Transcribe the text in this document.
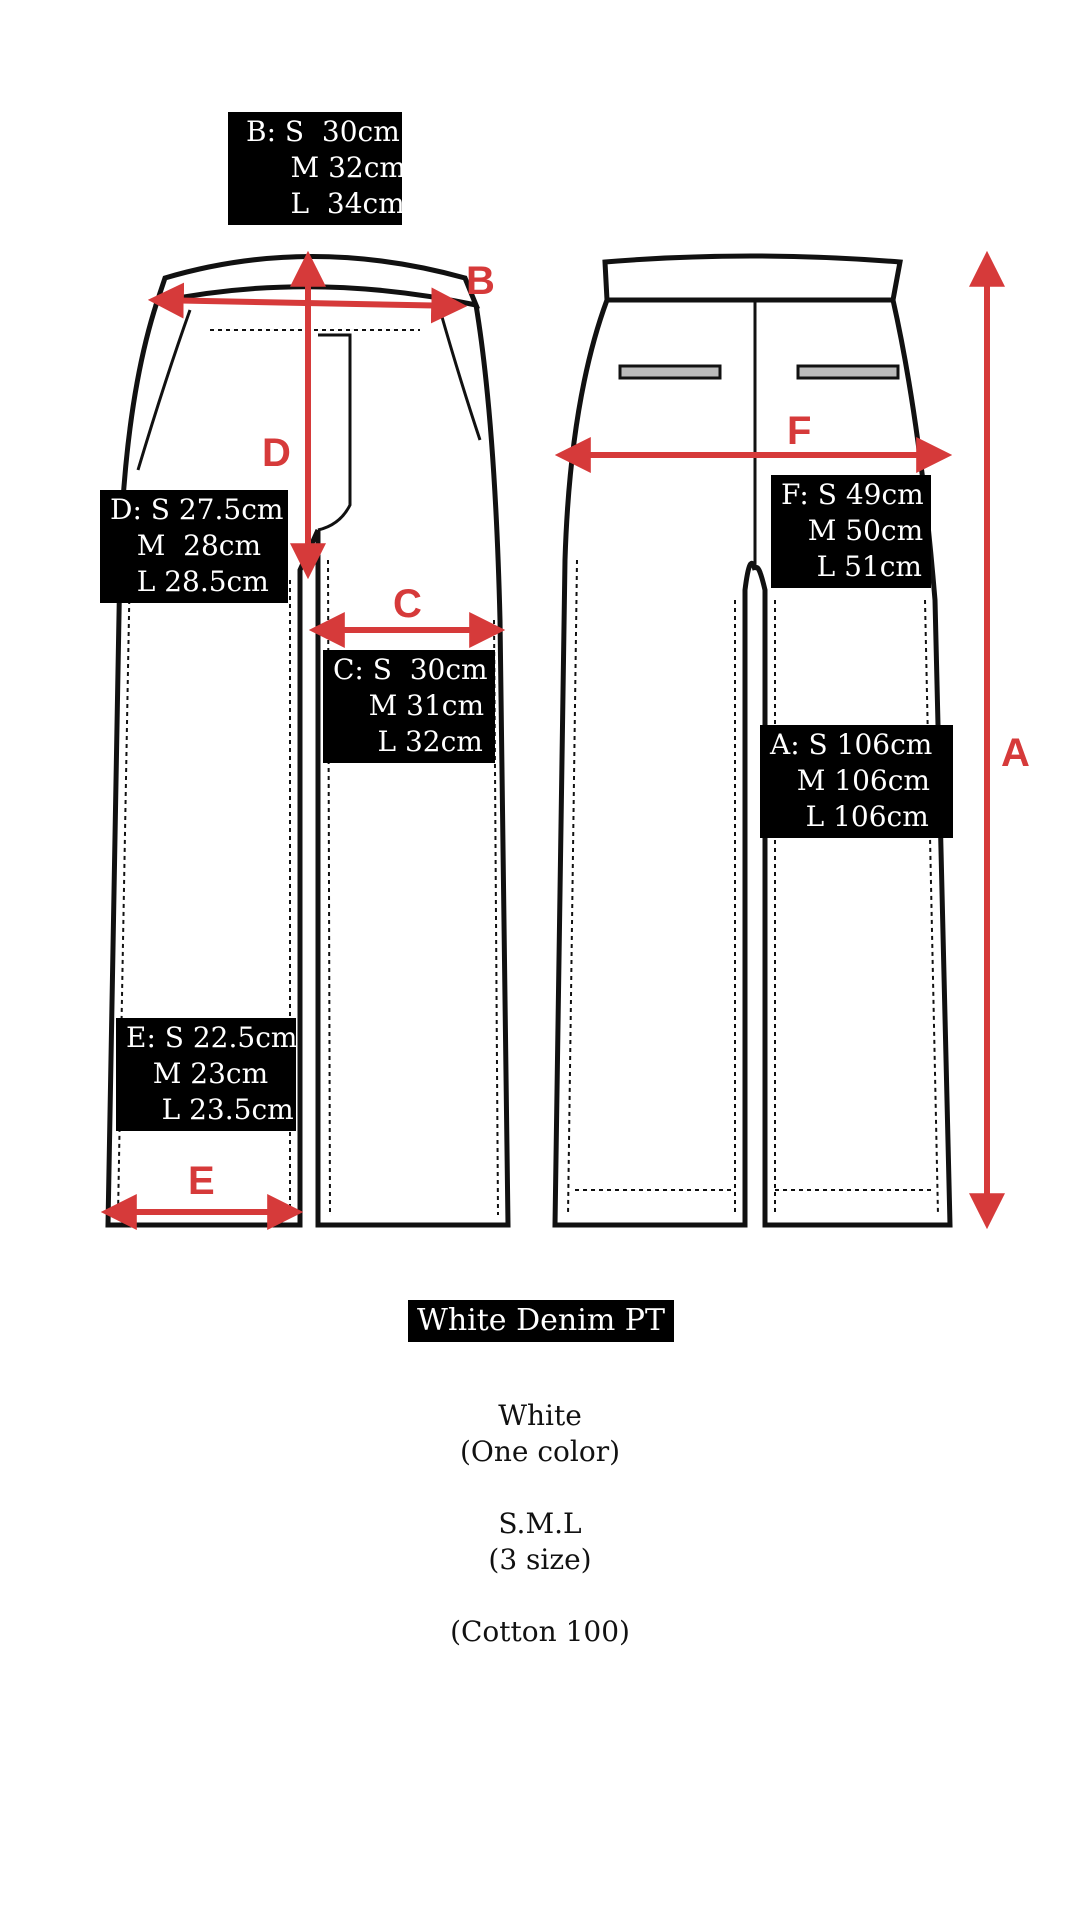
B
D
C
E
F
A
B: S  30cm
M 32cm
L  34cm
D: S 27.5cm
M  28cm
L 28.5cm
C: S  30cm
M 31cm
L 32cm
E: S 22.5cm
M 23cm
L 23.5cm
F: S 49cm
M 50cm
L 51cm
A: S 106cm
M 106cm
L 106cm
White Denim PT
White
(One color)
S.M.L
(3 size)
(Cotton 100)
